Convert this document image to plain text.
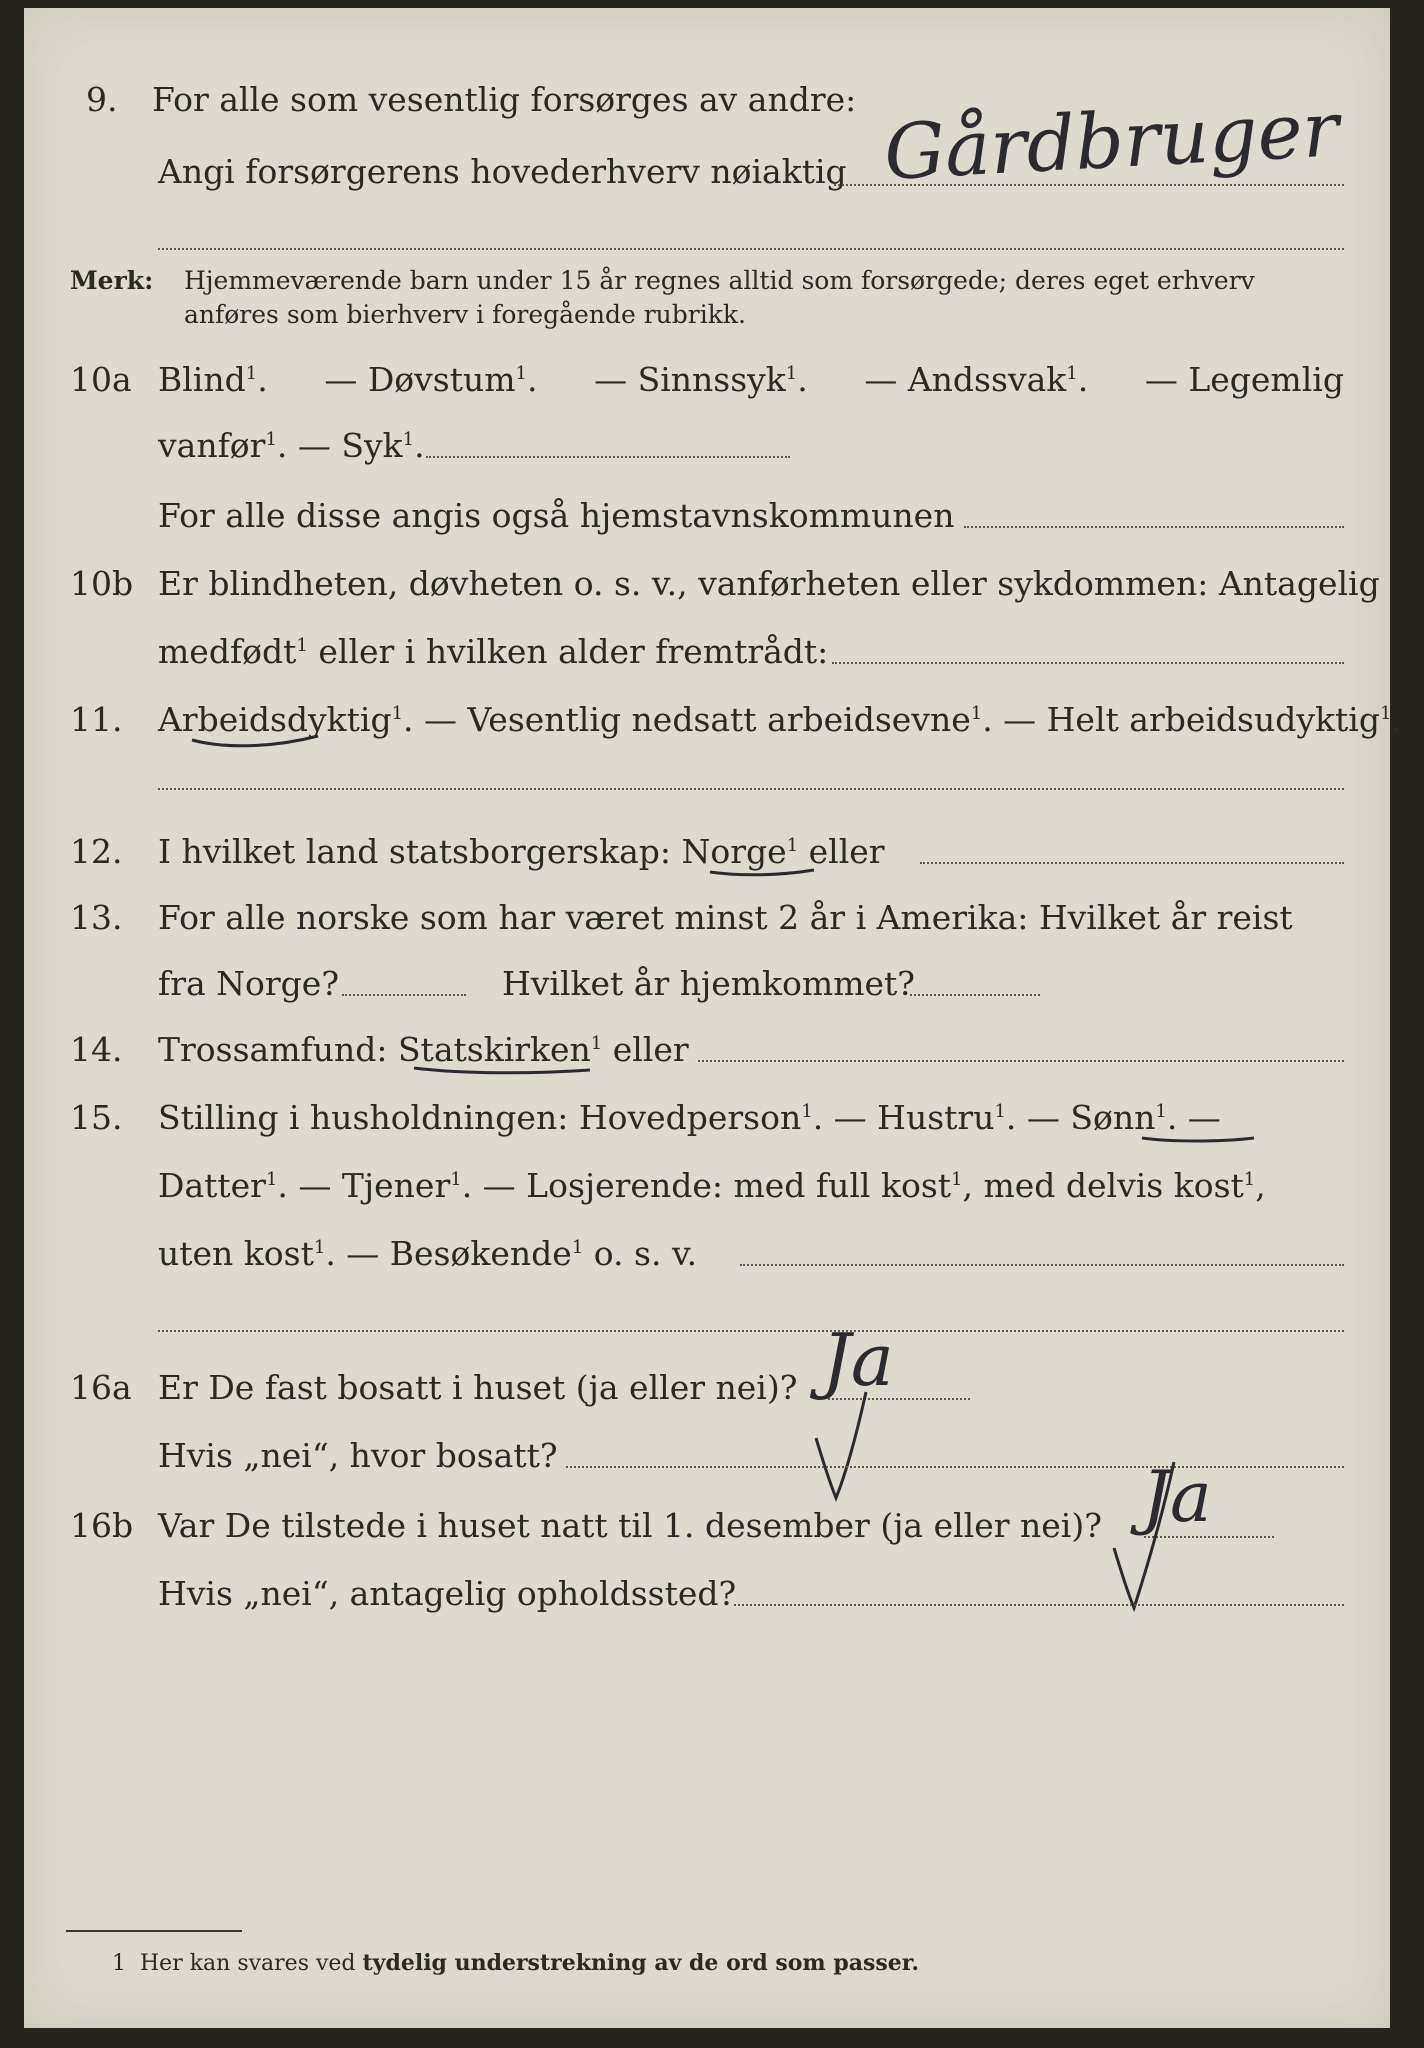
9. For alle som vesentlig forsørges av andre:
Angi forsørgerens hovederhverv nøiaktig Gårdbruger
Merk: Hjemmeværende barn under 15 år regnes alltid som forsørgede; deres eget erhverv
anføres som bierhverv i foregående rubrikk.
10a Blind$^1$. — Døvstum$^1$. — Sinnssyk$^1$. — Andssvak$^1$. — Legemlig
vanfør$^1$. — Syk$^1$.
For alle disse angis også hjemstavnskommunen
10b Er blindheten, døvheten o. s. v., vanførheten eller sykdommen: Antagelig
medfødt$^1$ eller i hvilken alder fremtrådt:
11. Arbeidsdyktig$^1$. — Vesentlig nedsatt arbeidsevne$^1$. — Helt arbeidsudyktig$^1$.
12. I hvilket land statsborgerskap: Norge$^1$ eller
13. For alle norske som har været minst 2 år i Amerika: Hvilket år reist
fra Norge?	Hvilket år hjemkommet?
14. Trossamfund: Statskirken$^1$ eller
15. Stilling i husholdningen: Hovedperson$^1$. — Hustru$^1$. — Sønn$^1$. —
Datter$^1$. — Tjener$^1$. — Losjerende: med full kost$^1$, med delvis kost$^1$,
uten kost$^1$. — Besøkende$^1$ o. s. v.
16a Er De fast bosatt i huset (ja eller nei)? Ja
Hvis „nei“, hvor bosatt?
16b Var De tilstede i huset natt til 1. desember (ja eller nei)? Ja
Hvis „nei“, antagelig opholdssted?
1 Her kan svares ved tydelig understrekning av de ord som passer.
